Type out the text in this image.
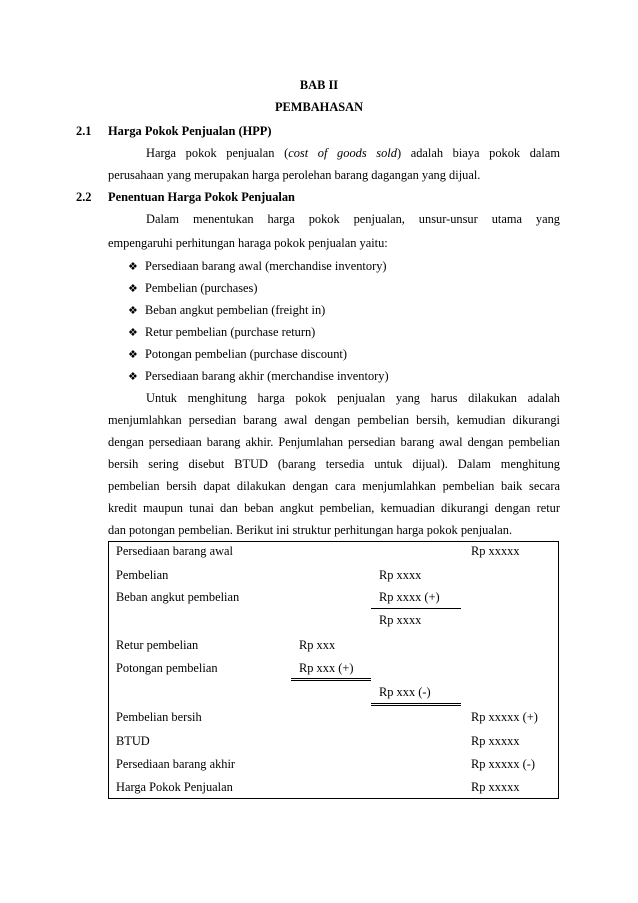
BAB II
PEMBAHASAN
2.1 Harga Pokok Penjualan (HPP)
Harga pokok penjualan (cost of goods sold) adalah biaya pokok dalam
perusahaan yang merupakan harga perolehan barang dagangan yang dijual.
2.2 Penentuan Harga Pokok Penjualan
Dalam menentukan harga pokok penjualan, unsur-unsur utama yang
empengaruhi perhitungan haraga pokok penjualan yaitu:
❖ Persediaan barang awal (merchandise inventory)
❖ Pembelian (purchases)
❖ Beban angkut pembelian (freight in)
❖ Retur pembelian (purchase return)
❖ Potongan pembelian (purchase discount)
❖ Persediaan barang akhir (merchandise inventory)
Untuk menghitung harga pokok penjualan yang harus dilakukan adalah
menjumlahkan persedian barang awal dengan pembelian bersih, kemudian dikurangi
dengan persediaan barang akhir. Penjumlahan persedian barang awal dengan pembelian
bersih sering disebut BTUD (barang tersedia untuk dijual). Dalam menghitung
pembelian bersih dapat dilakukan dengan cara menjumlahkan pembelian baik secara
kredit maupun tunai dan beban angkut pembelian, kemuadian dikurangi dengan retur
dan potongan pembelian. Berikut ini struktur perhitungan harga pokok penjualan.
Persediaan barang awal	Rp xxxxx
Pembelian	Rp xxxx
Beban angkut pembelian	Rp xxxx (+)
Rp xxxx
Retur pembelian	Rp xxx
Potongan pembelian	Rp xxx (+)
Rp xxx (-)
Pembelian bersih	Rp xxxxx (+)
BTUD	Rp xxxxx
Persediaan barang akhir	Rp xxxxx (-)
Harga Pokok Penjualan	Rp xxxxx
